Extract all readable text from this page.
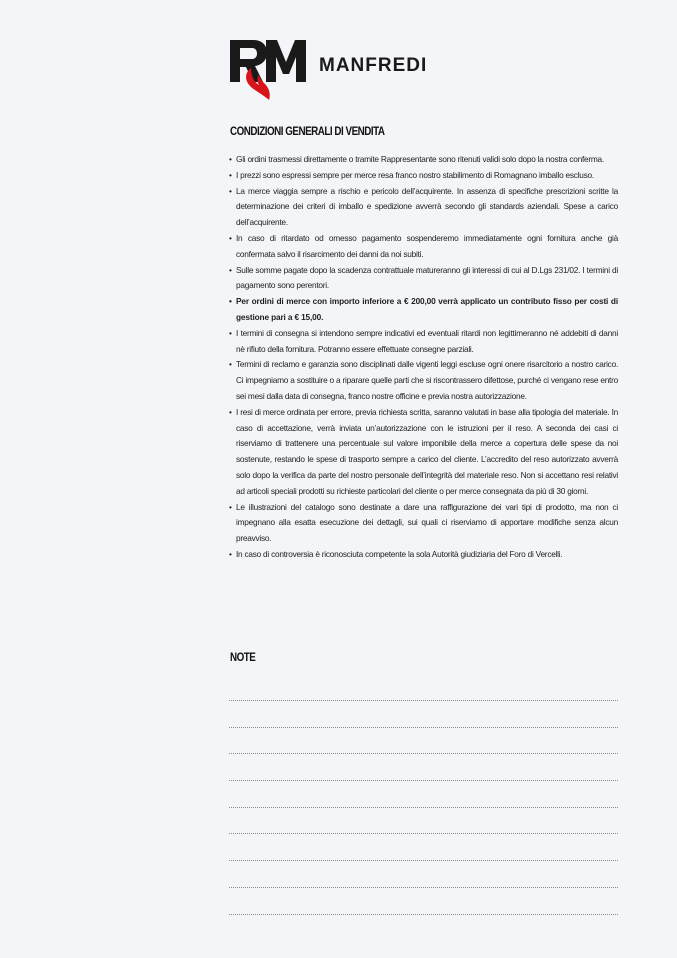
MANFREDI
CONDIZIONI GENERALI DI VENDITA
• Gli ordini trasmessi direttamente o tramite Rappresentante sono ritenuti validi solo dopo la nostra conferma.
• I prezzi sono espressi sempre per merce resa franco nostro stabilimento di Romagnano imballo escluso.
• La merce viaggia sempre a rischio e pericolo dell’acquirente. In assenza di specifiche prescrizioni scritte la determinazione dei criteri di imballo e spedizione avverrà secondo gli standards aziendali. Spese a carico dell’acquirente.
• In caso di ritardato od omesso pagamento sospenderemo immediatamente ogni fornitura anche già confermata salvo il risarcimento dei danni da noi subiti.
• Sulle somme pagate dopo la scadenza contrattuale matureranno gli interessi di cui al D.Lgs 231/02. I termini di pagamento sono perentori.
• Per ordini di merce con importo inferiore a € 200,00 verrà applicato un contributo fisso per costi di gestione pari a € 15,00.
• I termini di consegna si intendono sempre indicativi ed eventuali ritardi non legittimeranno né addebiti di danni nè rifiuto della fornitura. Potranno essere effettuate consegne parziali.
• Termini di reclamo e garanzia sono disciplinati dalle vigenti leggi escluse ogni onere risarcitorio a nostro carico. Ci impegniamo a sostituire o a riparare quelle parti che si riscontrassero difettose, purché ci vengano rese entro sei mesi dalla data di consegna, franco nostre officine e previa nostra autorizzazione.
• I resi di merce ordinata per errore, previa richiesta scritta, saranno valutati in base alla tipologia del materiale. In caso di accettazione, verrà inviata un’autorizzazione con le istruzioni per il reso. A seconda dei casi ci riserviamo di trattenere una percentuale sul valore imponibile della merce a copertura delle spese da noi sostenute, restando le spese di trasporto sempre a carico del cliente. L’accredito del reso autorizzato avverrà solo dopo la verifica da parte del nostro personale dell’integrità del materiale reso. Non si accettano resi relativi ad articoli speciali prodotti su richieste particolari del cliente o per merce consegnata da più di 30 giorni.
• Le illustrazioni del catalogo sono destinate a dare una raffigurazione dei vari tipi di prodotto, ma non ci impegnano alla esatta esecuzione dei dettagli, sui quali ci riserviamo di apportare modifiche senza alcun preavviso.
• In caso di controversia è riconosciuta competente la sola Autorità giudiziaria del Foro di Vercelli.
NOTE
